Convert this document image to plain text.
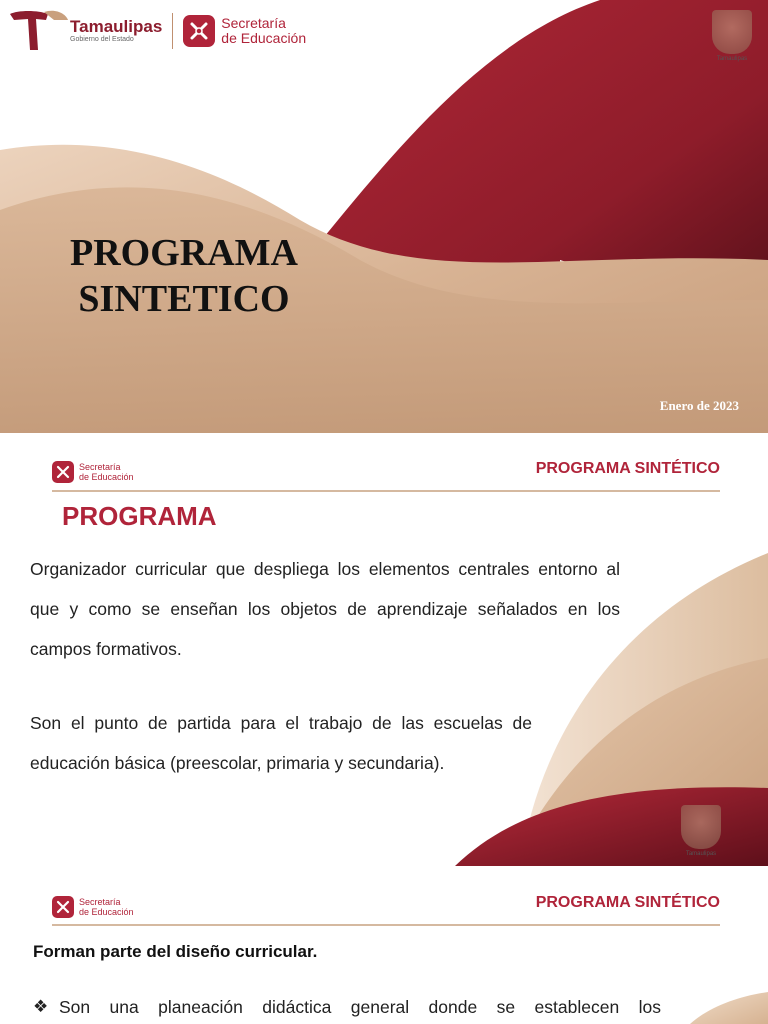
Tamaulipas
Gobierno del Estado
Secretaría
de Educación
Tamaulipas
PROGRAMA
SINTETICO
Enero de 2023
Secretaría
de Educación	PROGRAMA SINTÉTICO
PROGRAMA
Organizador curricular que despliega los elementos centrales entorno al que y como se enseñan los objetos de aprendizaje señalados en los campos formativos.
Son el punto de partida para el trabajo de las escuelas de educación básica (preescolar, primaria y secundaria).
Tamaulipas
Secretaría
de Educación
PROGRAMA SINTÉTICO
Forman parte del diseño curricular.
❖ Son una planeación didáctica general donde se establecen los
